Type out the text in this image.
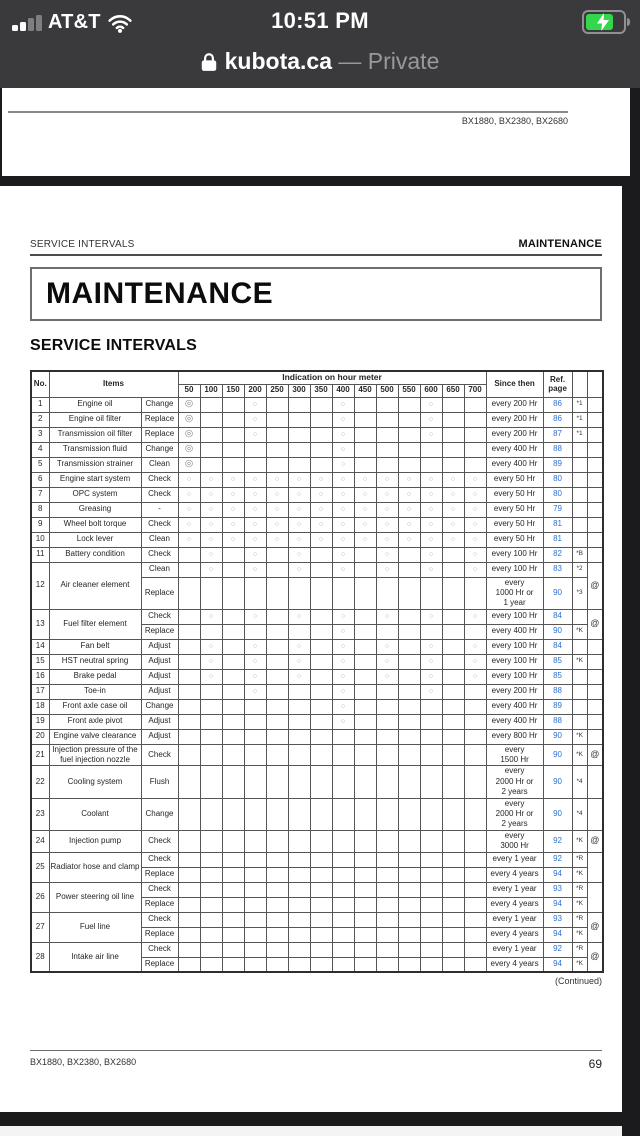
AT&T	10:51 PM
kubota.ca — Private
BX1880, BX2380, BX2680
SERVICE INTERVALS	MAINTENANCE
MAINTENANCE
SERVICE INTERVALS
No.	Items		Indication on hour meter														Since then	Ref.
page		
			50	100	150	200	250	300	350	400	450	500	550	600	650	700				
1	Engine oil	Change	◎			○				○				○			every 200 Hr	86	*1	
2	Engine oil filter	Replace	◎			○				○				○			every 200 Hr	86	*1	
3	Transmission oil filter	Replace	◎			○				○				○			every 200 Hr	87	*1	
4	Transmission fluid	Change	◎							○							every 400 Hr	88		
5	Transmission strainer	Clean	◎							○							every 400 Hr	89		
6	Engine start system	Check	○	○	○	○	○	○	○	○	○	○	○	○	○	○	every 50 Hr	80		
7	OPC system	Check	○	○	○	○	○	○	○	○	○	○	○	○	○	○	every 50 Hr	80		
8	Greasing	-	○	○	○	○	○	○	○	○	○	○	○	○	○	○	every 50 Hr	79		
9	Wheel bolt torque	Check	○	○	○	○	○	○	○	○	○	○	○	○	○	○	every 50 Hr	81		
10	Lock lever	Clean	○	○	○	○	○	○	○	○	○	○	○	○	○	○	every 50 Hr	81		
11	Battery condition	Check		○		○		○		○		○		○		○	every 100 Hr	82	*B	
12	Air cleaner element	Clean		○		○		○		○		○		○		○	every 100 Hr	83	*2	@
		Replace															every
1000 Hr or
1 year	90	*3	
13	Fuel filter element	Check		○		○		○		○		○		○		○	every 100 Hr	84		@
		Replace								○							every 400 Hr	90	*K	
14	Fan belt	Adjust		○		○		○		○		○		○		○	every 100 Hr	84		
15	HST neutral spring	Adjust		○		○		○		○		○		○		○	every 100 Hr	85	*K	
16	Brake pedal	Adjust		○		○		○		○		○		○		○	every 100 Hr	85		
17	Toe-in	Adjust				○				○				○			every 200 Hr	88		
18	Front axle case oil	Change								○							every 400 Hr	89		
19	Front axle pivot	Adjust								○							every 400 Hr	88		
20	Engine valve clearance	Adjust															every 800 Hr	90	*K	
21	Injection pressure of the fuel injection nozzle	Check															every
1500 Hr	90	*K	@
22	Cooling system	Flush															every
2000 Hr or
2 years	90	*4	
23	Coolant	Change															every
2000 Hr or
2 years	90	*4	
24	Injection pump	Check															every
3000 Hr	92	*K	@
25	Radiator hose and clamp	Check															every 1 year	92	*R	
		Replace															every 4 years	94	*K	
26	Power steering oil line	Check															every 1 year	93	*R	
		Replace															every 4 years	94	*K	
27	Fuel line	Check															every 1 year	93	*R	@
		Replace															every 4 years	94	*K	
28	Intake air line	Check															every 1 year	92	*R	@
		Replace															every 4 years	94	*K	
(Continued)
BX1880, BX2380, BX2680	69
